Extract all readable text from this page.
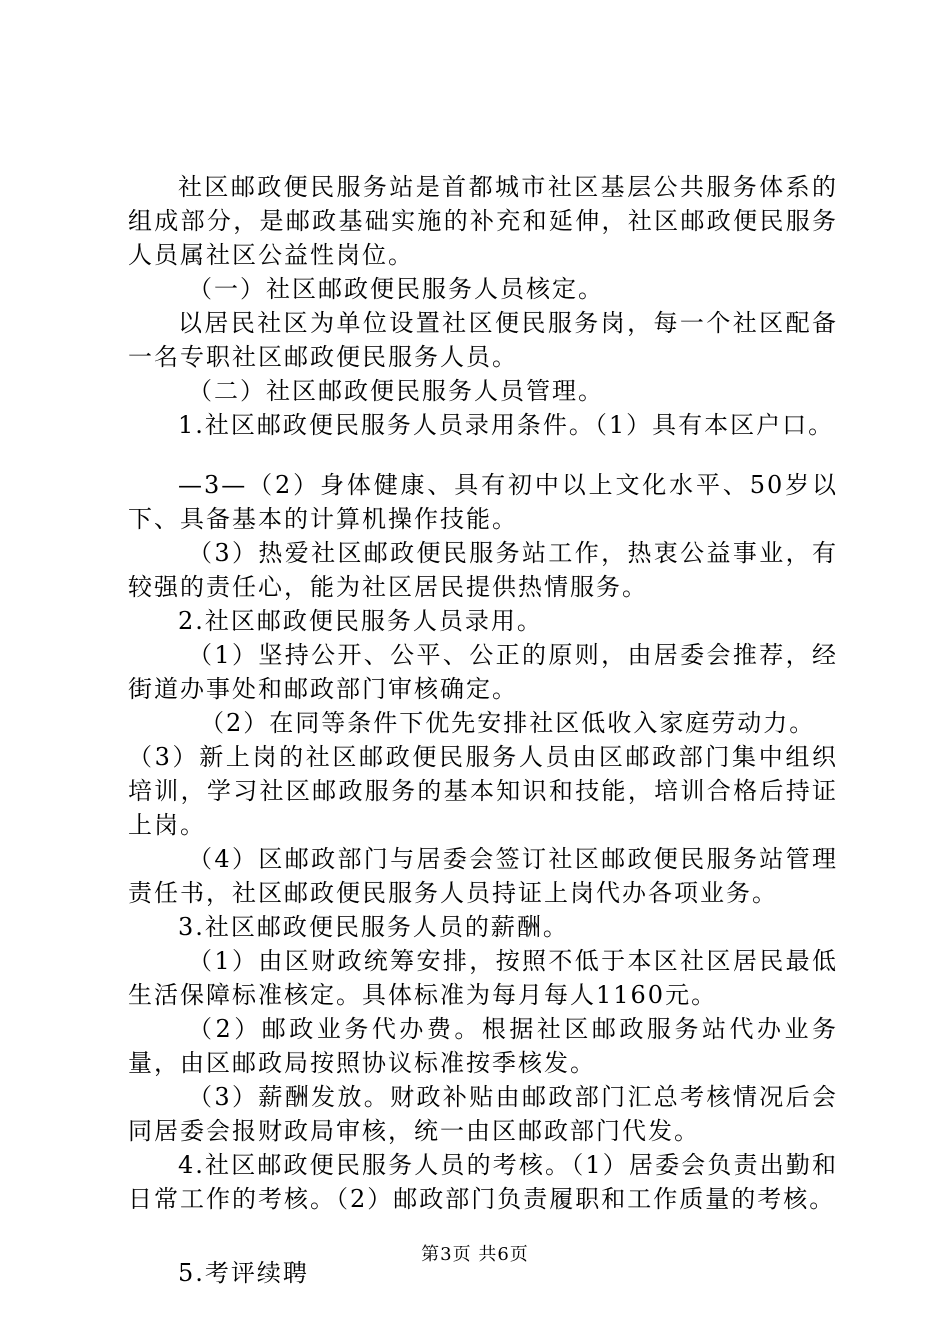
社区邮政便民服务站是首都城市社区基层公共服务体系的组成部分，是邮政基础实施的补充和延伸，社区邮政便民服务人员属社区公益性岗位。

（一）社区邮政便民服务人员核定。

以居民社区为单位设置社区便民服务岗，每一个社区配备一名专职社区邮政便民服务人员。

（二）社区邮政便民服务人员管理。

1.社区邮政便民服务人员录用条件。（1）具有本区户口。

—3—（2）身体健康、具有初中以上文化水平、50岁以下、具备基本的计算机操作技能。

（3）热爱社区邮政便民服务站工作，热衷公益事业，有较强的责任心，能为社区居民提供热情服务。

2.社区邮政便民服务人员录用。

（1）坚持公开、公平、公正的原则，由居委会推荐，经街道办事处和邮政部门审核确定。

（2）在同等条件下优先安排社区低收入家庭劳动力。

（3）新上岗的社区邮政便民服务人员由区邮政部门集中组织培训，学习社区邮政服务的基本知识和技能，培训合格后持证上岗。

（4）区邮政部门与居委会签订社区邮政便民服务站管理责任书，社区邮政便民服务人员持证上岗代办各项业务。

3.社区邮政便民服务人员的薪酬。

（1）由区财政统筹安排，按照不低于本区社区居民最低生活保障标准核定。具体标准为每月每人1160元。

（2）邮政业务代办费。根据社区邮政服务站代办业务量，由区邮政局按照协议标准按季核发。

（3）薪酬发放。财政补贴由邮政部门汇总考核情况后会同居委会报财政局审核，统一由区邮政部门代发。

4.社区邮政便民服务人员的考核。（1）居委会负责出勤和日常工作的考核。（2）邮政部门负责履职和工作质量的考核。

5.考评续聘

第3页 共6页
